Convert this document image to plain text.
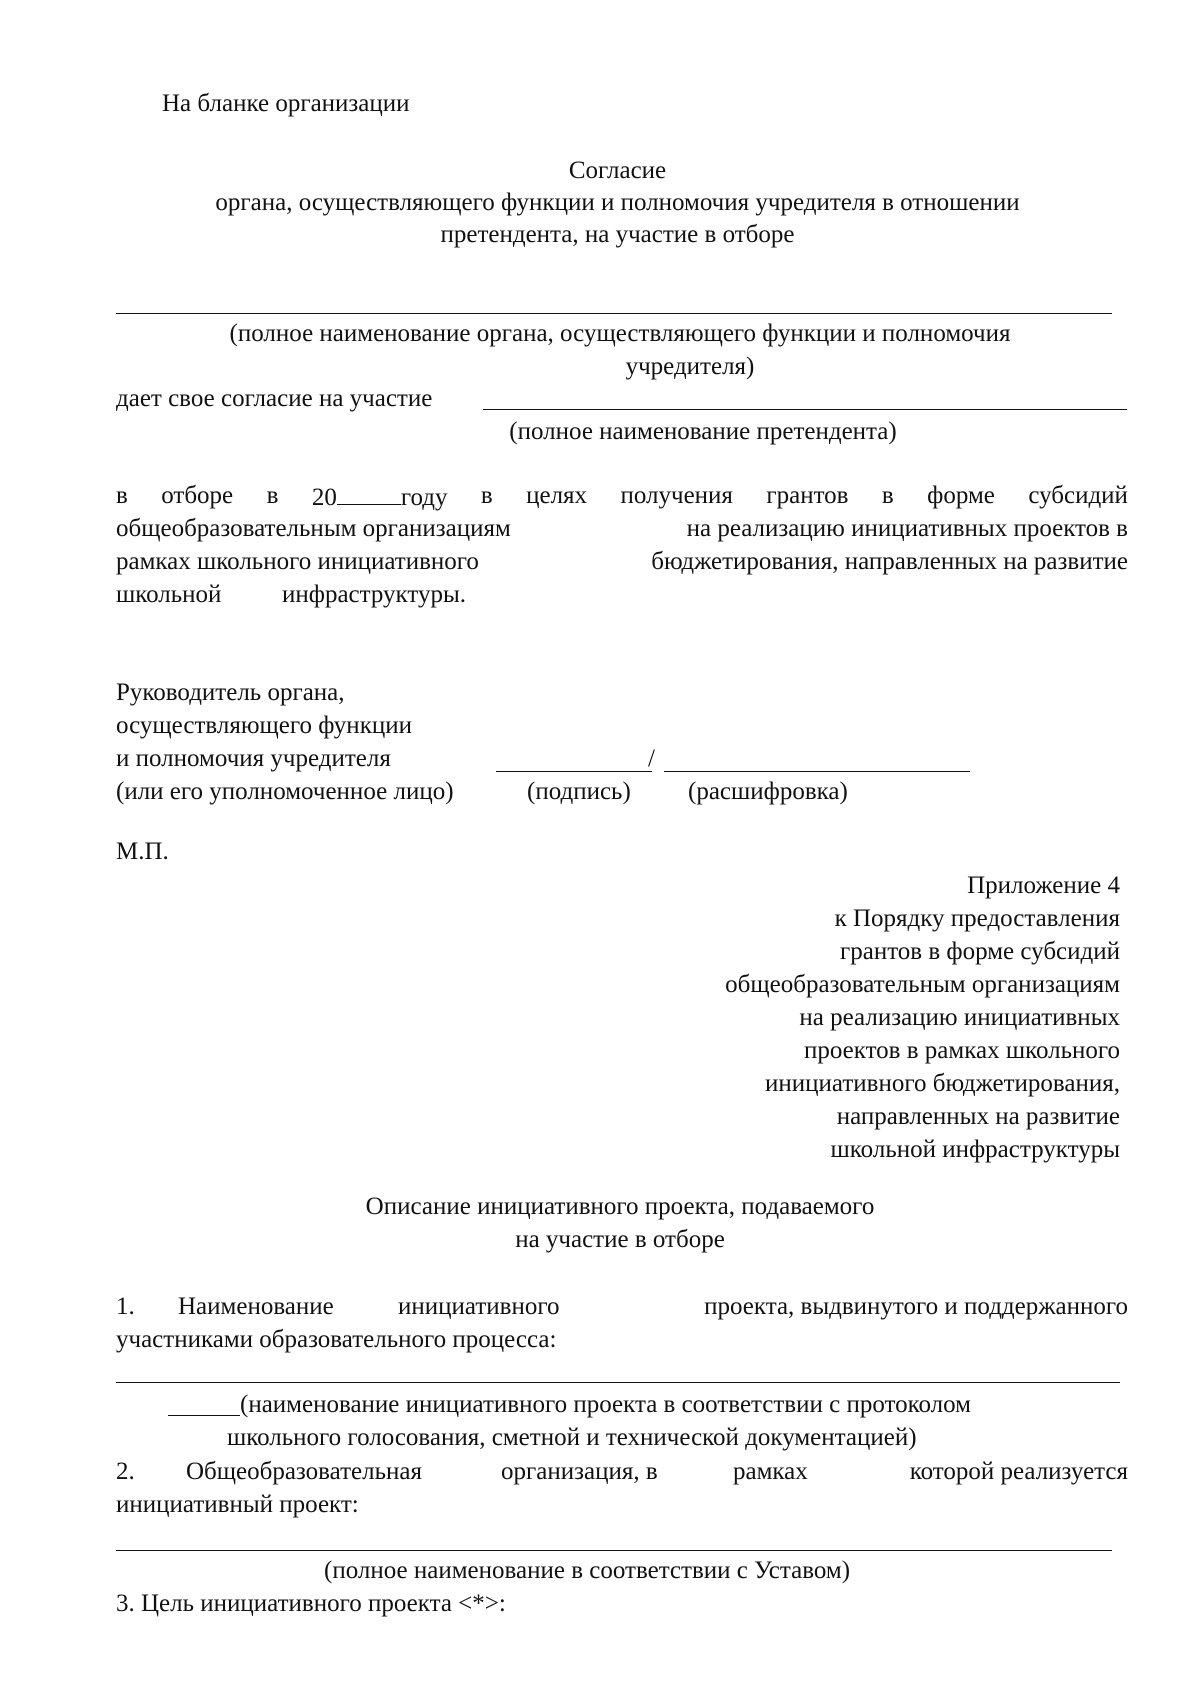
На бланке организации
Согласие
органа, осуществляющего функции и полномочия учредителя в отношении
претендента, на участие в отборе
(полное наименование органа, осуществляющего функции и полномочия
учредителя)
дает свое согласие на участие
(полное наименование претендента)
в отборе в 20	году в целях получения грантов в форме субсидий
общеобразовательным организациям	на реализацию инициативных проектов в
рамках школьного инициативного	бюджетирования, направленных на развитие
школьной инфраструктуры.
Руководитель органа,
осуществляющего функции
и полномочия учредителя	/
(или его уполномоченное лицо)	(подпись) (расшифровка)
М.П.
Приложение 4
к Порядку предоставления
грантов в форме субсидий
общеобразовательным организациям
на реализацию инициативных
проектов в рамках школьного
инициативного бюджетирования,
направленных на развитие
школьной инфраструктуры
Описание инициативного проекта, подаваемого
на участие в отборе
1. Наименование	инициативного	проекта, выдвинутого и поддержанного
участниками образовательного процесса:
(наименование инициативного проекта в соответствии с протоколом
школьного голосования, сметной и технической документацией)
2. Общеобразовательная	организация, в	рамках	которой реализуется
инициативный проект:
(полное наименование в соответствии с Уставом)
3. Цель инициативного проекта <*>:
